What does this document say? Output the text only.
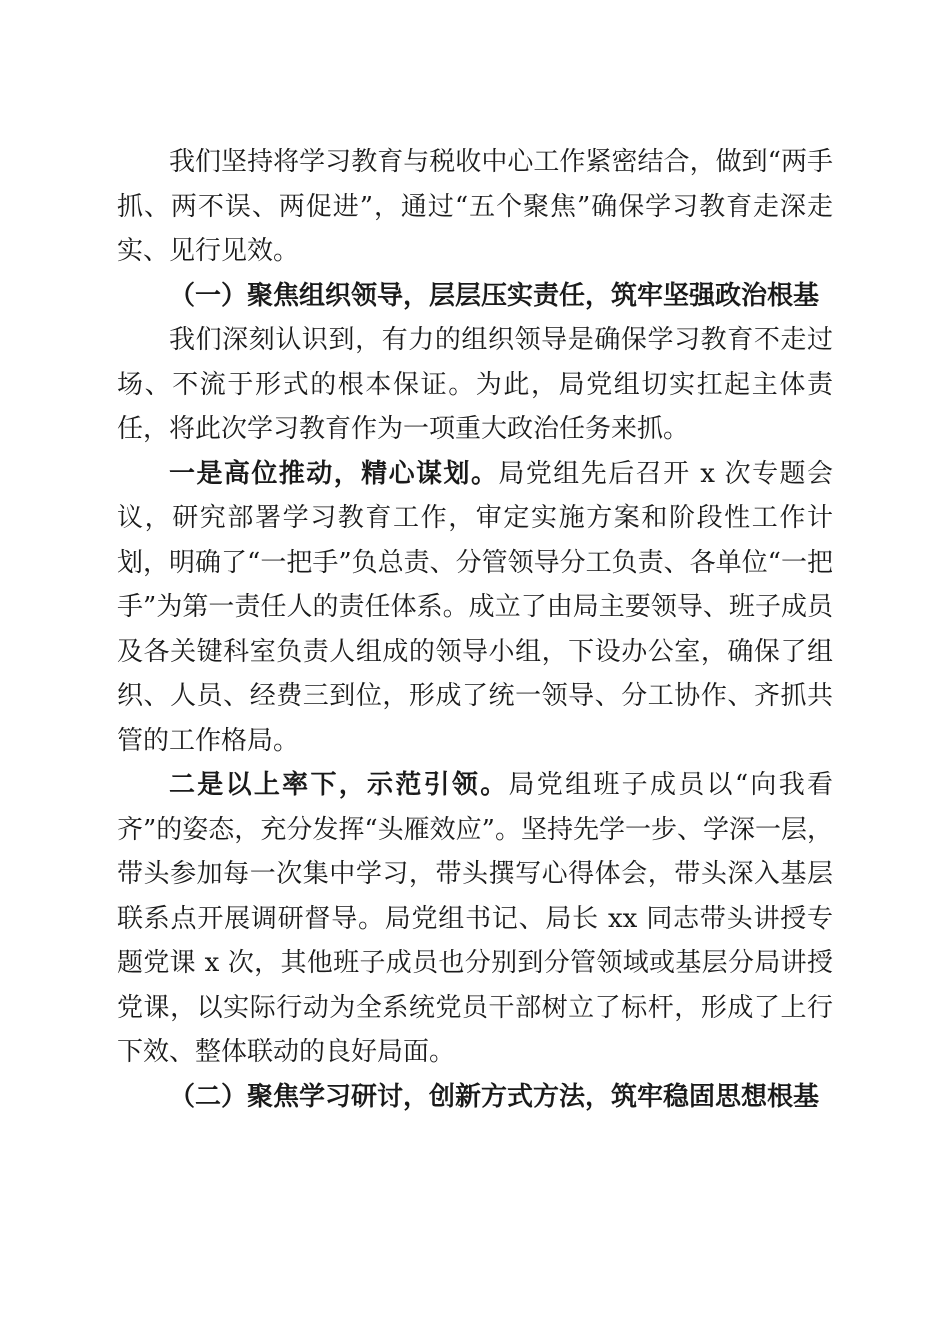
我们坚持将学习教育与税收中心工作紧密结合，做到“两手抓、两不误、两促进”，通过“五个聚焦”确保学习教育走深走实、见行见效。

（一）聚焦组织领导，层层压实责任，筑牢坚强政治根基

我们深刻认识到，有力的组织领导是确保学习教育不走过场、不流于形式的根本保证。为此，局党组切实扛起主体责任，将此次学习教育作为一项重大政治任务来抓。

一是高位推动，精心谋划。局党组先后召开 x 次专题会议，研究部署学习教育工作，审定实施方案和阶段性工作计划，明确了“一把手”负总责、分管领导分工负责、各单位“一把手”为第一责任人的责任体系。成立了由局主要领导、班子成员及各关键科室负责人组成的领导小组，下设办公室，确保了组织、人员、经费三到位，形成了统一领导、分工协作、齐抓共管的工作格局。

二是以上率下，示范引领。局党组班子成员以“向我看齐”的姿态，充分发挥“头雁效应”。坚持先学一步、学深一层，带头参加每一次集中学习，带头撰写心得体会，带头深入基层联系点开展调研督导。局党组书记、局长 xx 同志带头讲授专题党课 x 次，其他班子成员也分别到分管领域或基层分局讲授党课，以实际行动为全系统党员干部树立了标杆，形成了上行下效、整体联动的良好局面。

（二）聚焦学习研讨，创新方式方法，筑牢稳固思想根基
